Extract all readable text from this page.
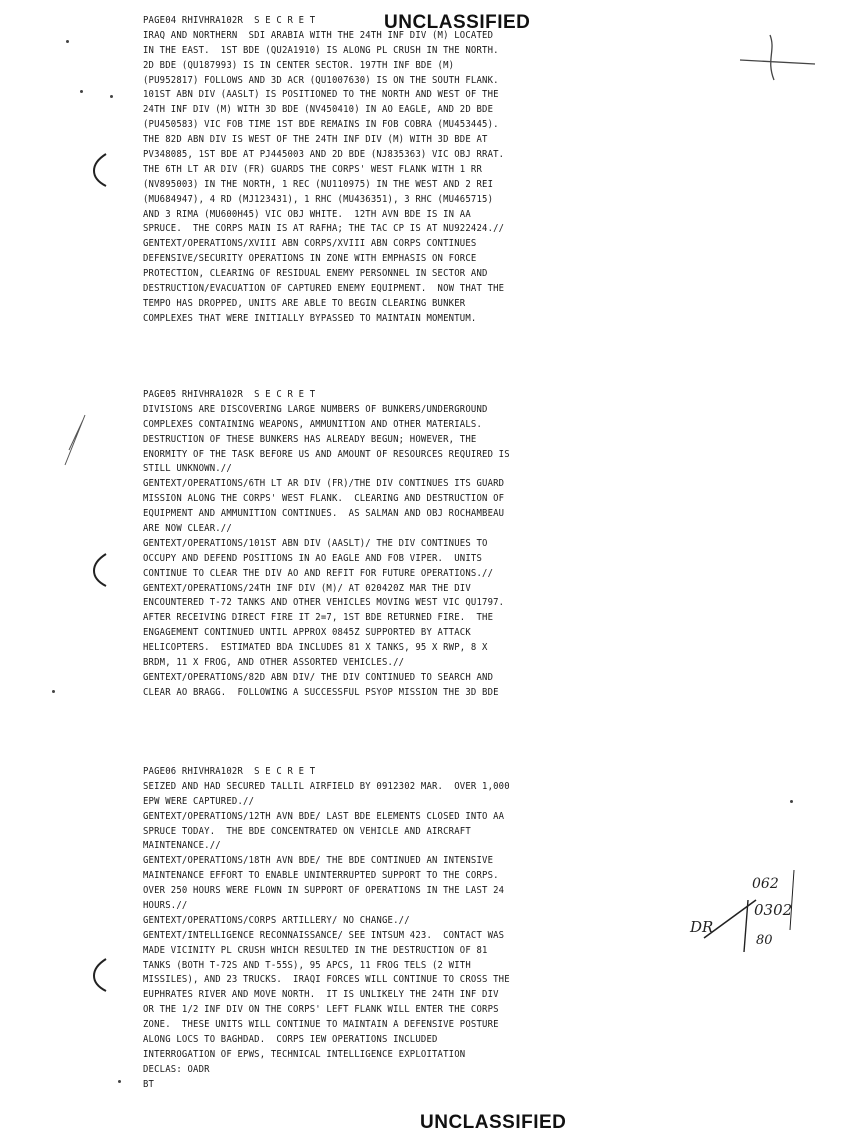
UNCLASSIFIED
PAGE04 RHIVHRA102R  S E C R E T
IRAQ AND NORTHERN  SDI ARABIA WITH THE 24TH INF DIV (M) LOCATED
IN THE EAST.  1ST BDE (QU2A1910) IS ALONG PL CRUSH IN THE NORTH.
2D BDE (QU187993) IS IN CENTER SECTOR. 197TH INF BDE (M)
(PU952817) FOLLOWS AND 3D ACR (QU1007630) IS ON THE SOUTH FLANK.
101ST ABN DIV (AASLT) IS POSITIONED TO THE NORTH AND WEST OF THE
24TH INF DIV (M) WITH 3D BDE (NV450410) IN AO EAGLE, AND 2D BDE
(PU450583) VIC FOB TIME 1ST BDE REMAINS IN FOB COBRA (MU453445).
THE 82D ABN DIV IS WEST OF THE 24TH INF DIV (M) WITH 3D BDE AT
PV348085, 1ST BDE AT PJ445003 AND 2D BDE (NJ835363) VIC OBJ RRAT.
THE 6TH LT AR DIV (FR) GUARDS THE CORPS' WEST FLANK WITH 1 RR
(NV895003) IN THE NORTH, 1 REC (NU110975) IN THE WEST AND 2 REI
(MU684947), 4 RD (MJ123431), 1 RHC (MU436351), 3 RHC (MU465715)
AND 3 RIMA (MU600H45) VIC OBJ WHITE.  12TH AVN BDE IS IN AA
SPRUCE.  THE CORPS MAIN IS AT RAFHA; THE TAC CP IS AT NU922424.//
GENTEXT/OPERATIONS/XVIII ABN CORPS/XVIII ABN CORPS CONTINUES
DEFENSIVE/SECURITY OPERATIONS IN ZONE WITH EMPHASIS ON FORCE
PROTECTION, CLEARING OF RESIDUAL ENEMY PERSONNEL IN SECTOR AND
DESTRUCTION/EVACUATION OF CAPTURED ENEMY EQUIPMENT.  NOW THAT THE
TEMPO HAS DROPPED, UNITS ARE ABLE TO BEGIN CLEARING BUNKER
COMPLEXES THAT WERE INITIALLY BYPASSED TO MAINTAIN MOMENTUM.
PAGE05 RHIVHRA102R  S E C R E T
DIVISIONS ARE DISCOVERING LARGE NUMBERS OF BUNKERS/UNDERGROUND
COMPLEXES CONTAINING WEAPONS, AMMUNITION AND OTHER MATERIALS.
DESTRUCTION OF THESE BUNKERS HAS ALREADY BEGUN; HOWEVER, THE
ENORMITY OF THE TASK BEFORE US AND AMOUNT OF RESOURCES REQUIRED IS
STILL UNKNOWN.//
GENTEXT/OPERATIONS/6TH LT AR DIV (FR)/THE DIV CONTINUES ITS GUARD
MISSION ALONG THE CORPS' WEST FLANK.  CLEARING AND DESTRUCTION OF
EQUIPMENT AND AMMUNITION CONTINUES.  AS SALMAN AND OBJ ROCHAMBEAU
ARE NOW CLEAR.//
GENTEXT/OPERATIONS/101ST ABN DIV (AASLT)/ THE DIV CONTINUES TO
OCCUPY AND DEFEND POSITIONS IN AO EAGLE AND FOB VIPER.  UNITS
CONTINUE TO CLEAR THE DIV AO AND REFIT FOR FUTURE OPERATIONS.//
GENTEXT/OPERATIONS/24TH INF DIV (M)/ AT 020420Z MAR THE DIV
ENCOUNTERED T-72 TANKS AND OTHER VEHICLES MOVING WEST VIC QU1797.
AFTER RECEIVING DIRECT FIRE IT 2=7, 1ST BDE RETURNED FIRE.  THE
ENGAGEMENT CONTINUED UNTIL APPROX 0845Z SUPPORTED BY ATTACK
HELICOPTERS.  ESTIMATED BDA INCLUDES 81 X TANKS, 95 X RWP, 8 X
BRDM, 11 X FROG, AND OTHER ASSORTED VEHICLES.//
GENTEXT/OPERATIONS/82D ABN DIV/ THE DIV CONTINUED TO SEARCH AND
CLEAR AO BRAGG.  FOLLOWING A SUCCESSFUL PSYOP MISSION THE 3D BDE
PAGE06 RHIVHRA102R  S E C R E T
SEIZED AND HAD SECURED TALLIL AIRFIELD BY 0912302 MAR.  OVER 1,000
EPW WERE CAPTURED.//
GENTEXT/OPERATIONS/12TH AVN BDE/ LAST BDE ELEMENTS CLOSED INTO AA
SPRUCE TODAY.  THE BDE CONCENTRATED ON VEHICLE AND AIRCRAFT
MAINTENANCE.//
GENTEXT/OPERATIONS/18TH AVN BDE/ THE BDE CONTINUED AN INTENSIVE
MAINTENANCE EFFORT TO ENABLE UNINTERRUPTED SUPPORT TO THE CORPS.
OVER 250 HOURS WERE FLOWN IN SUPPORT OF OPERATIONS IN THE LAST 24
HOURS.//
GENTEXT/OPERATIONS/CORPS ARTILLERY/ NO CHANGE.//
GENTEXT/INTELLIGENCE RECONNAISSANCE/ SEE INTSUM 423.  CONTACT WAS
MADE VICINITY PL CRUSH WHICH RESULTED IN THE DESTRUCTION OF 81
TANKS (BOTH T-72S AND T-55S), 95 APCS, 11 FROG TELS (2 WITH
MISSILES), AND 23 TRUCKS.  IRAQI FORCES WILL CONTINUE TO CROSS THE
EUPHRATES RIVER AND MOVE NORTH.  IT IS UNLIKELY THE 24TH INF DIV
OR THE 1/2 INF DIV ON THE CORPS' LEFT FLANK WILL ENTER THE CORPS
ZONE.  THESE UNITS WILL CONTINUE TO MAINTAIN A DEFENSIVE POSTURE
ALONG LOCS TO BAGHDAD.  CORPS IEW OPERATIONS INCLUDED
INTERROGATION OF EPWS, TECHNICAL INTELLIGENCE EXPLOITATION
DECLAS: OADR
BT
062
0302
DR
80
UNCLASSIFIED
